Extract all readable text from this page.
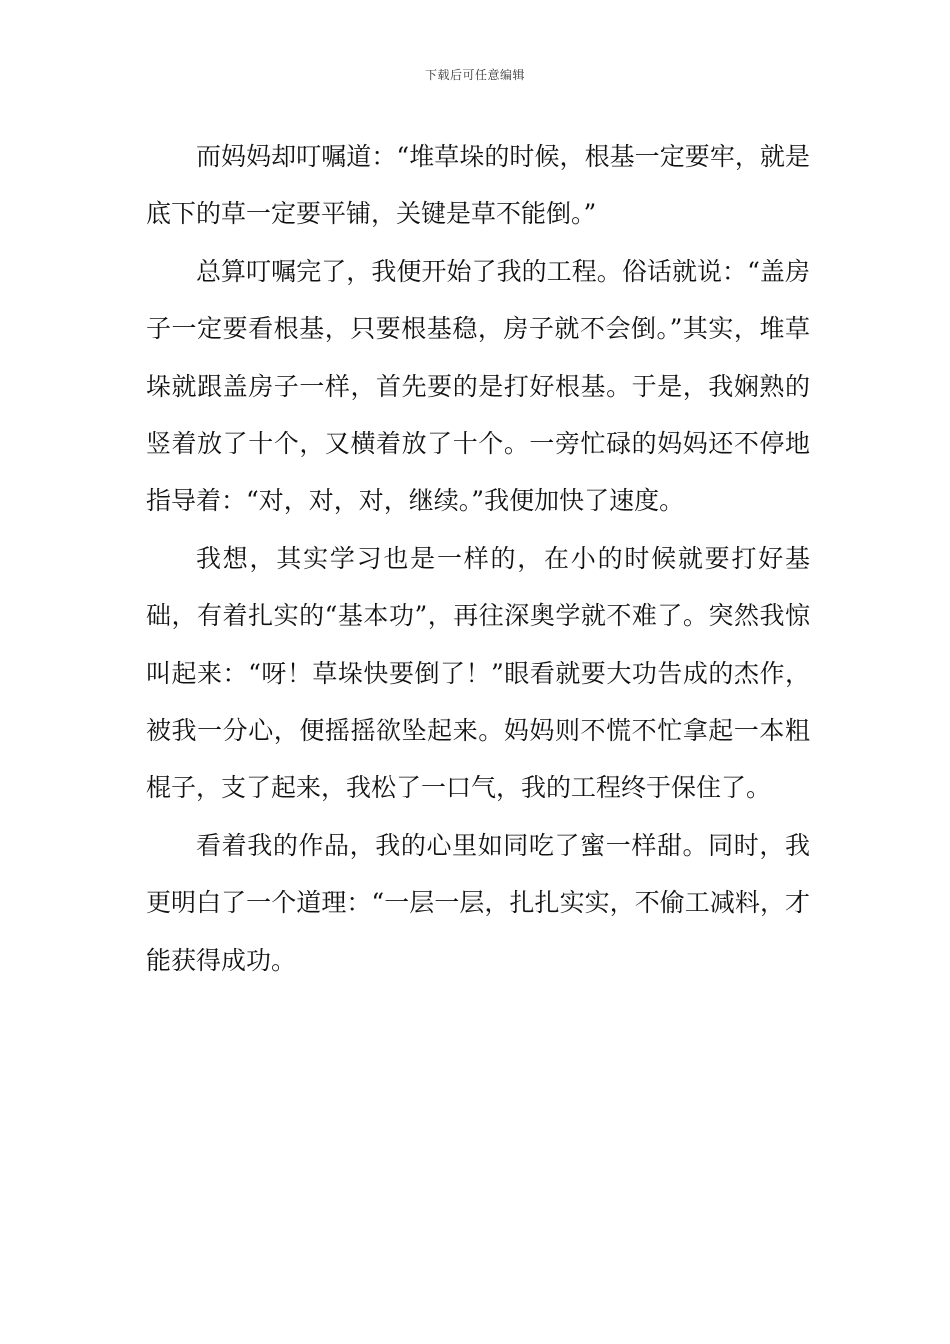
下载后可任意编辑

而妈妈却叮嘱道：“堆草垛的时候，根基一定要牢，就是底下的草一定要平铺，关键是草不能倒。”

总算叮嘱完了，我便开始了我的工程。俗话就说：“盖房子一定要看根基，只要根基稳，房子就不会倒。”其实，堆草垛就跟盖房子一样，首先要的是打好根基。于是，我娴熟的竖着放了十个，又横着放了十个。一旁忙碌的妈妈还不停地指导着：“对，对，对，继续。”我便加快了速度。

我想，其实学习也是一样的，在小的时候就要打好基础，有着扎实的“基本功”，再往深奥学就不难了。突然我惊叫起来：“呀！草垛快要倒了！”眼看就要大功告成的杰作，被我一分心，便摇摇欲坠起来。妈妈则不慌不忙拿起一本粗棍子，支了起来，我松了一口气，我的工程终于保住了。

看着我的作品，我的心里如同吃了蜜一样甜。同时，我更明白了一个道理：“一层一层，扎扎实实，不偷工减料，才能获得成功。
